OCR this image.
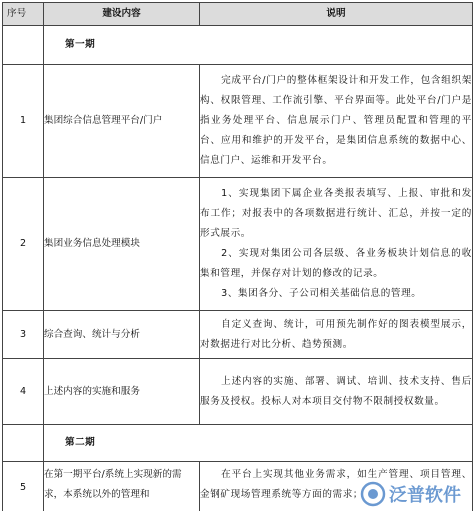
序号	建设内容	说明
	第一期	
1	集团综合信息管理平台/门户	完成平台/门户的整体框架设计和开发工作，包含组织架构、权限管理、工作流引擎、平台界面等。此处平台/门户是指业务处理平台、信息展示门户、管理员配置和管理的平台、应用和维护的开发平台，是集团信息系统的数据中心、信息门户、运维和开发平台。

2	集团业务信息处理模块	1、实现集团下属企业各类报表填写、上报、审批和发布工作；对报表中的各项数据进行统计、汇总，并按一定的形式展示。

2、实现对集团公司各层级、各业务板块计划信息的收集和管理，并保存对计划的修改的记录。

3、集团各分、子公司相关基础信息的管理。

3	综合查询、统计与分析	自定义查询、统计，可用预先制作好的图表模型展示，对数据进行对比分析、趋势预测。

4	上述内容的实施和服务	上述内容的实施、部署、调试、培训、技术支持、售后服务及授权。投标人对本项目交付物不限制授权数量。

	第二期	
5	在第一期平台/系统上实现新的需求，本系统以外的管理和	在平台上实现其他业务需求，如生产管理、项目管理、金钢矿现场管理系统等方面的需求；	泛普软件
